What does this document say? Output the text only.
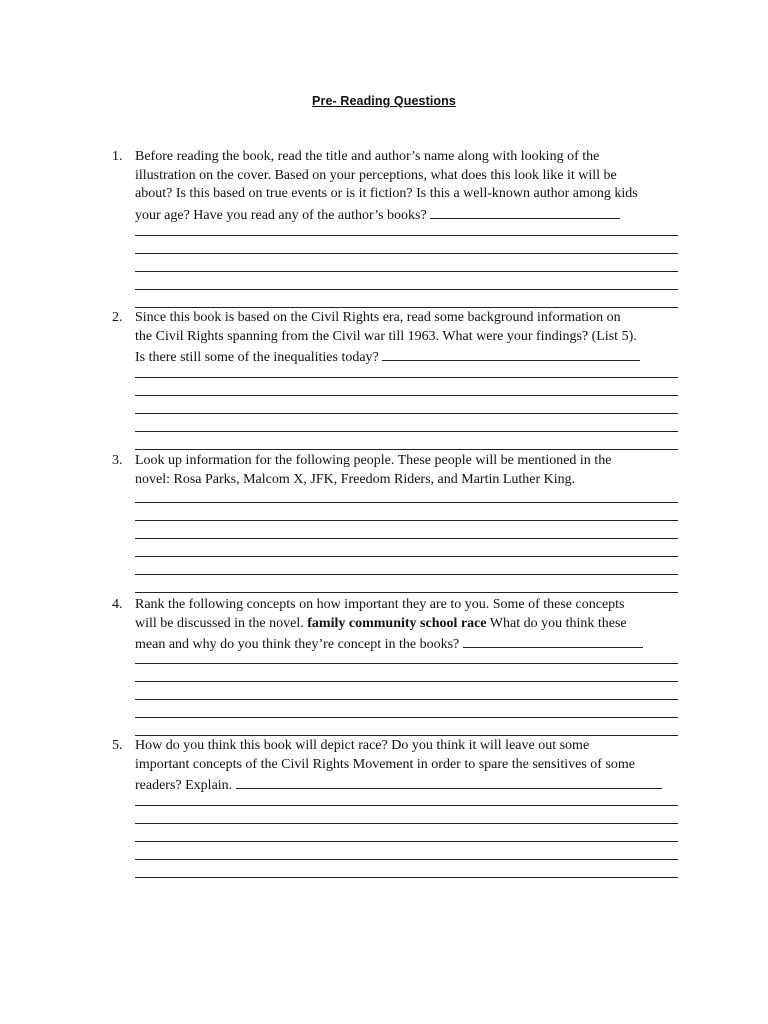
Pre- Reading Questions
1. Before reading the book, read the title and author’s name along with looking of the
illustration on the cover. Based on your perceptions, what does this look like it will be
about? Is this based on true events or is it fiction? Is this a well-known author among kids
your age? Have you read any of the author’s books?
2. Since this book is based on the Civil Rights era, read some background information on
the Civil Rights spanning from the Civil war till 1963. What were your findings? (List 5).
Is there still some of the inequalities today?
3. Look up information for the following people. These people will be mentioned in the
novel: Rosa Parks, Malcom X, JFK, Freedom Riders, and Martin Luther King.
4. Rank the following concepts on how important they are to you. Some of these concepts
will be discussed in the novel. family community school race What do you think these
mean and why do you think they’re concept in the books?
5. How do you think this book will depict race? Do you think it will leave out some
important concepts of the Civil Rights Movement in order to spare the sensitives of some
readers? Explain.
